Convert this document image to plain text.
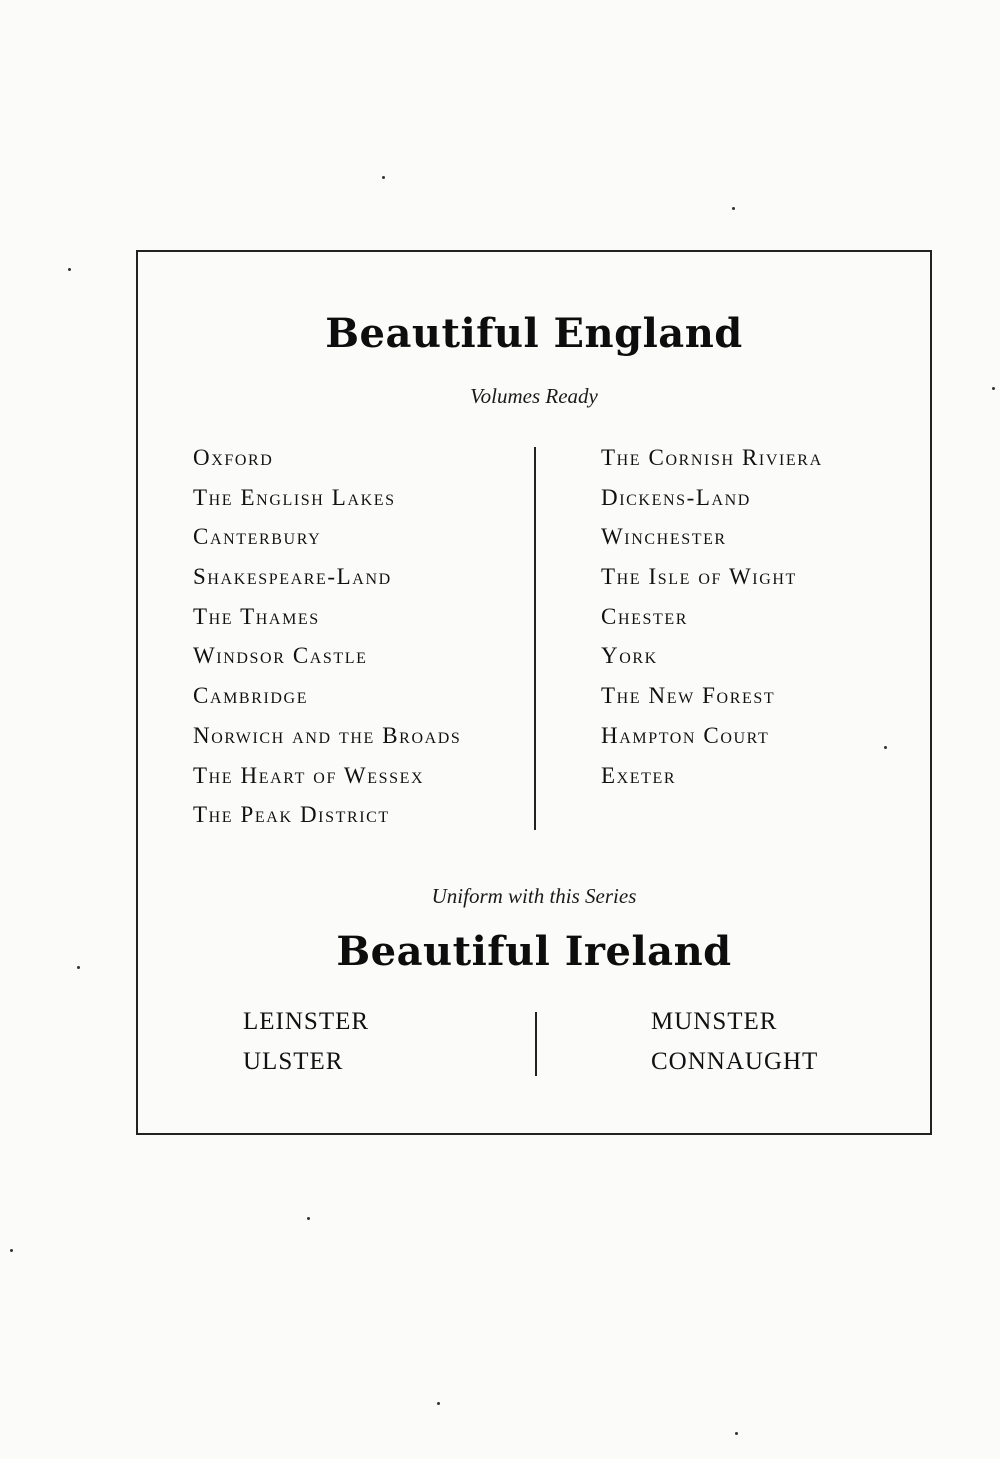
Beautiful England
Volumes Ready
Oxford
The English Lakes
Canterbury
Shakespeare-Land
The Thames
Windsor Castle
Cambridge
Norwich and the Broads
The Heart of Wessex
The Peak District
The Cornish Riviera
Dickens-Land
Winchester
The Isle of Wight
Chester
York
The New Forest
Hampton Court
Exeter
Uniform with this Series
Beautiful Ireland
LEINSTER
ULSTER
MUNSTER
CONNAUGHT
